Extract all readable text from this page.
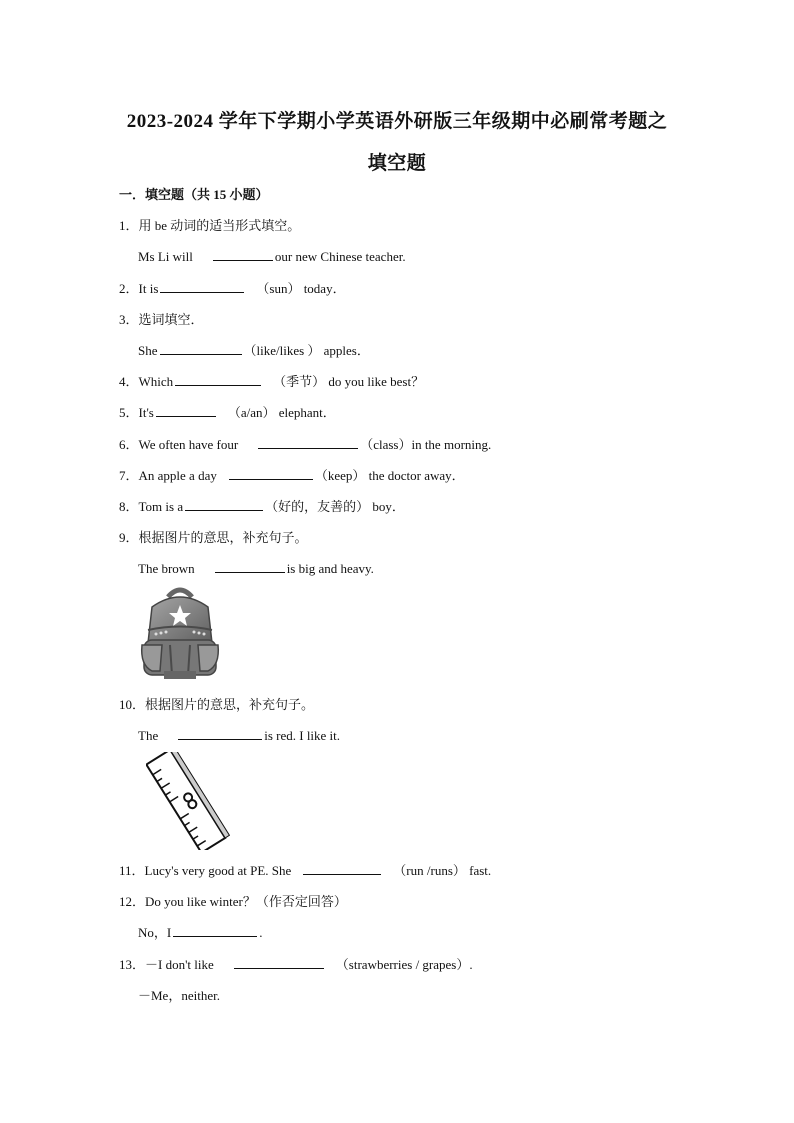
2023-2024 学年下学期小学英语外研版三年级期中必刷常考题之
填空题
一．填空题（共 15 小题）
1．用 be 动词的适当形式填空。
Ms Li will	our new Chinese teacher.
2．It is	（sun） today．
3．选词填空．
She	（like/likes ） apples．
4．Which	（季节） do you like best？
5．It's	（a/an） elephant．
6．We often have four	（class）in the morning.
7．An apple a day	（keep） the doctor away．
8．Tom is a	（好的，友善的） boy．
9．根据图片的意思，补充句子。
The brown	is big and heavy.
10．根据图片的意思，补充句子。
The	is red. I like it.
11．Lucy's very good at PE. She	（run /runs） fast.
12．Do you like winter？（作否定回答）
No，I	.
13．－I don't like	（strawberries / grapes）.
－Me，neither.
